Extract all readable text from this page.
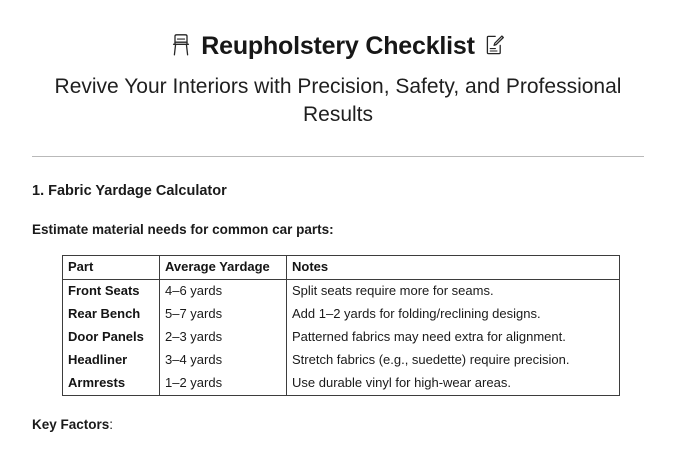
Reupholstery Checklist
Revive Your Interiors with Precision, Safety, and Professional Results
1. Fabric Yardage Calculator

Estimate material needs for common car parts:

Part	Average Yardage	Notes
Front Seats	4–6 yards	Split seats require more for seams.
Rear Bench	5–7 yards	Add 1–2 yards for folding/reclining designs.
Door Panels	2–3 yards	Patterned fabrics may need extra for alignment.
Headliner	3–4 yards	Stretch fabrics (e.g., suedette) require precision.
Armrests	1–2 yards	Use durable vinyl for high-wear areas.

Key Factors:
